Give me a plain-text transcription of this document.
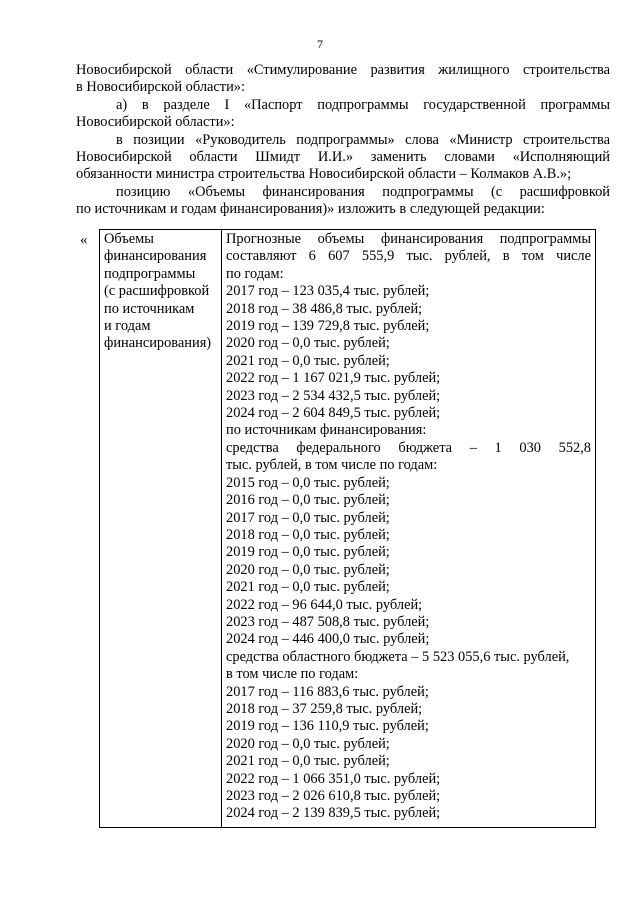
7

Новосибирской области «Стимулирование развития жилищного строительства
в Новосибирской области»:

а) в разделе I «Паспорт подпрограммы государственной программы
Новосибирской области»:

в позиции «Руководитель подпрограммы» слова «Министр строительства
Новосибирской области Шмидт И.И.» заменить словами «Исполняющий
обязанности министра строительства Новосибирской области – Колмаков А.В.»;

позицию «Объемы финансирования подпрограммы (с расшифровкой
по источникам и годам финансирования)» изложить в следующей редакции:

« Объемы
финансирования
подпрограммы
(с расшифровкой
по источникам
и годам
финансирования)

Прогнозные объемы финансирования подпрограммы
составляют 6 607 555,9 тыс. рублей, в том числе
по годам:
2017 год – 123 035,4 тыс. рублей;
2018 год – 38 486,8 тыс. рублей;
2019 год – 139 729,8 тыс. рублей;
2020 год – 0,0 тыс. рублей;
2021 год – 0,0 тыс. рублей;
2022 год – 1 167 021,9 тыс. рублей;
2023 год – 2 534 432,5 тыс. рублей;
2024 год – 2 604 849,5 тыс. рублей;
по источникам финансирования:
средства федерального бюджета – 1 030 552,8
тыс. рублей, в том числе по годам:
2015 год – 0,0 тыс. рублей;
2016 год – 0,0 тыс. рублей;
2017 год – 0,0 тыс. рублей;
2018 год – 0,0 тыс. рублей;
2019 год – 0,0 тыс. рублей;
2020 год – 0,0 тыс. рублей;
2021 год – 0,0 тыс. рублей;
2022 год – 96 644,0 тыс. рублей;
2023 год – 487 508,8 тыс. рублей;
2024 год – 446 400,0 тыс. рублей;
средства областного бюджета – 5 523 055,6 тыс. рублей,
в том числе по годам:
2017 год – 116 883,6 тыс. рублей;
2018 год – 37 259,8 тыс. рублей;
2019 год – 136 110,9 тыс. рублей;
2020 год – 0,0 тыс. рублей;
2021 год – 0,0 тыс. рублей;
2022 год – 1 066 351,0 тыс. рублей;
2023 год – 2 026 610,8 тыс. рублей;
2024 год – 2 139 839,5 тыс. рублей;
